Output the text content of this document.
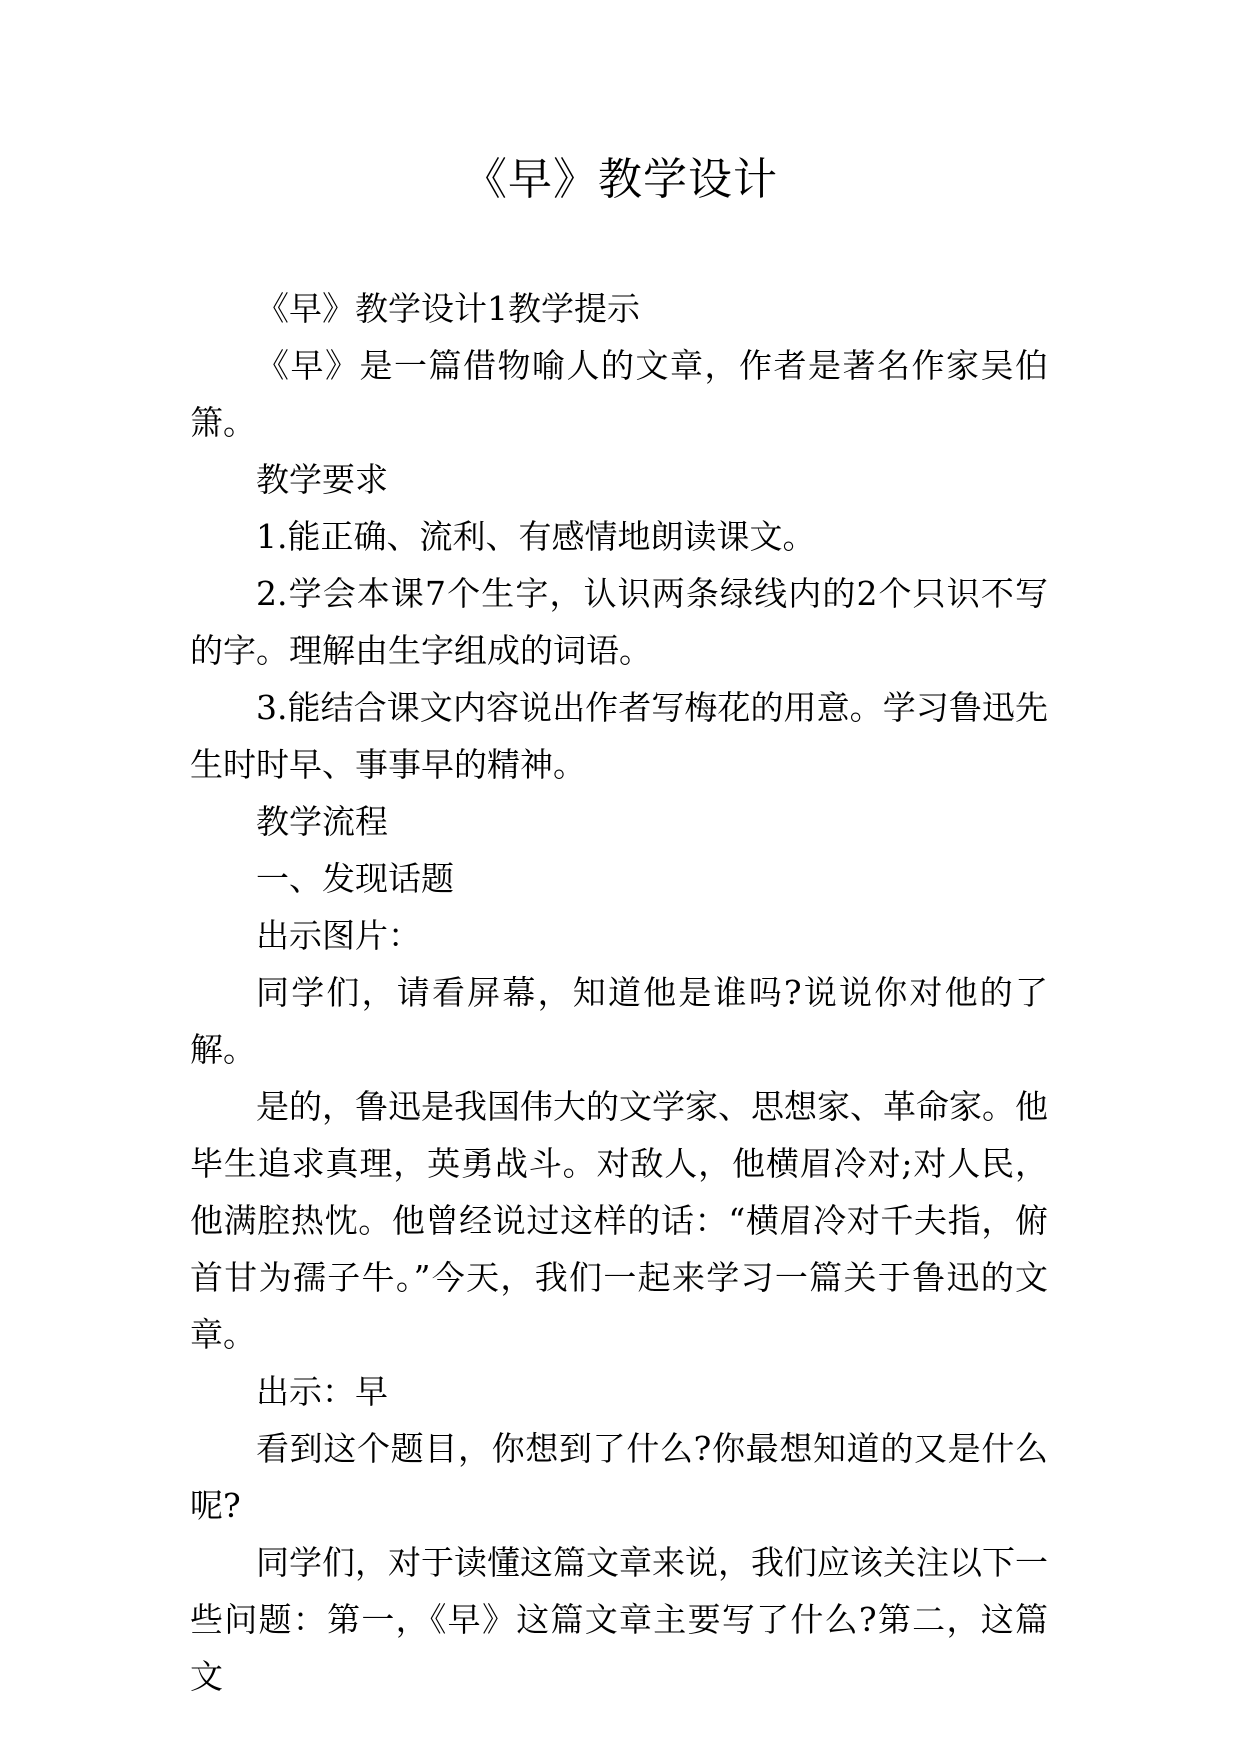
《早》教学设计

《早》教学设计1教学提示

《早》是一篇借物喻人的文章，作者是著名作家吴伯箫。

教学要求

1.能正确、流利、有感情地朗读课文。

2.学会本课7个生字，认识两条绿线内的2个只识不写的字。理解由生字组成的词语。

3.能结合课文内容说出作者写梅花的用意。学习鲁迅先生时时早、事事早的精神。

教学流程

一、发现话题

出示图片：

同学们，请看屏幕，知道他是谁吗?说说你对他的了解。

是的，鲁迅是我国伟大的文学家、思想家、革命家。他毕生追求真理，英勇战斗。对敌人，他横眉冷对;对人民，他满腔热忱。他曾经说过这样的话：“横眉冷对千夫指，俯首甘为孺子牛。”今天，我们一起来学习一篇关于鲁迅的文章。

出示：早

看到这个题目，你想到了什么?你最想知道的又是什么呢?

同学们，对于读懂这篇文章来说，我们应该关注以下一些问题：第一，《早》这篇文章主要写了什么?第二，这篇文
